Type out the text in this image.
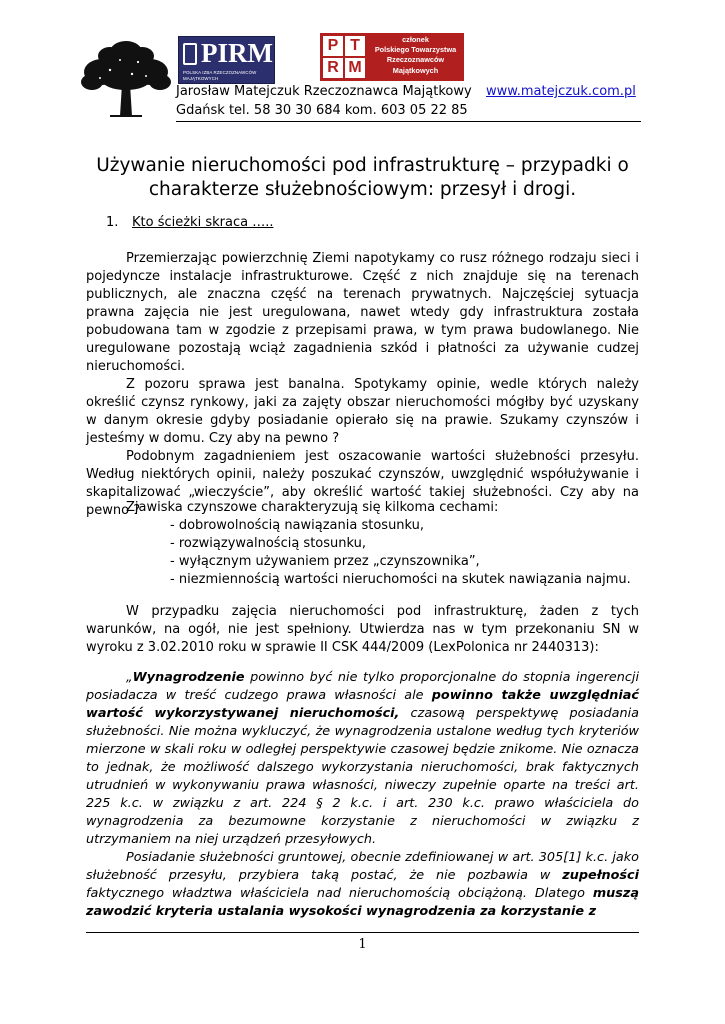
PIRM
POLSKA IZBA RZECZOZNAWCÓW MAJĄTKOWYCH
P T
R M
członek
Polskiego Towarzystwa
Rzeczoznawców
Majątkowych
Jarosław Matejczuk Rzeczoznawca Majątkowy www.matejczuk.com.pl
Gdańsk tel. 58 30 30 684 kom. 603 05 22 85
Używanie nieruchomości pod infrastrukturę – przypadki o
charakterze służebnościowym: przesył i drogi.
1. Kto ścieżki skraca …..

Przemierzając powierzchnię Ziemi napotykamy co rusz różnego rodzaju sieci i pojedyncze instalacje infrastrukturowe. Część z nich znajduje się na terenach publicznych, ale znaczna część na terenach prywatnych. Najczęściej sytuacja prawna zajęcia nie jest uregulowana, nawet wtedy gdy infrastruktura została pobudowana tam w zgodzie z przepisami prawa, w tym prawa budowlanego. Nie uregulowane pozostają wciąż zagadnienia szkód i płatności za używanie cudzej nieruchomości.

Z pozoru sprawa jest banalna. Spotykamy opinie, wedle których należy określić czynsz rynkowy, jaki za zajęty obszar nieruchomości mógłby być uzyskany w danym okresie gdyby posiadanie opierało się na prawie. Szukamy czynszów i jesteśmy w domu. Czy aby na pewno ?

Podobnym zagadnieniem jest oszacowanie wartości służebności przesyłu. Według niektórych opinii, należy poszukać czynszów, uwzględnić współużywanie i skapitalizować „wieczyście”, aby określić wartość takiej służebności. Czy aby na pewno ?

Zjawiska czynszowe charakteryzują się kilkoma cechami:
- dobrowolnością nawiązania stosunku,
- rozwiązywalnością stosunku,
- wyłącznym używaniem przez „czynszownika”,
- niezmiennością wartości nieruchomości na skutek nawiązania najmu.

W przypadku zajęcia nieruchomości pod infrastrukturę, żaden z tych warunków, na ogół, nie jest spełniony. Utwierdza nas w tym przekonaniu SN w wyroku z 3.02.2010 roku w sprawie II CSK 444/2009 (LexPolonica nr 2440313):

„Wynagrodzenie powinno być nie tylko proporcjonalne do stopnia ingerencji posiadacza w treść cudzego prawa własności ale powinno także uwzględniać wartość wykorzystywanej nieruchomości, czasową perspektywę posiadania służebności. Nie można wykluczyć, że wynagrodzenia ustalone według tych kryteriów mierzone w skali roku w odległej perspektywie czasowej będzie znikome. Nie oznacza to jednak, że możliwość dalszego wykorzystania nieruchomości, brak faktycznych utrudnień w wykonywaniu prawa własności, niweczy zupełnie oparte na treści art. 225 k.c. w związku z art. 224 § 2 k.c. i art. 230 k.c. prawo właściciela do wynagrodzenia za bezumowne korzystanie z nieruchomości w związku z utrzymaniem na niej urządzeń przesyłowych.

Posiadanie służebności gruntowej, obecnie zdefiniowanej w art. 305[1] k.c. jako służebność przesyłu, przybiera taką postać, że nie pozbawia w zupełności faktycznego władztwa właściciela nad nieruchomością obciążoną. Dlatego muszą zawodzić kryteria ustalania wysokości wynagrodzenia za korzystanie z

1
